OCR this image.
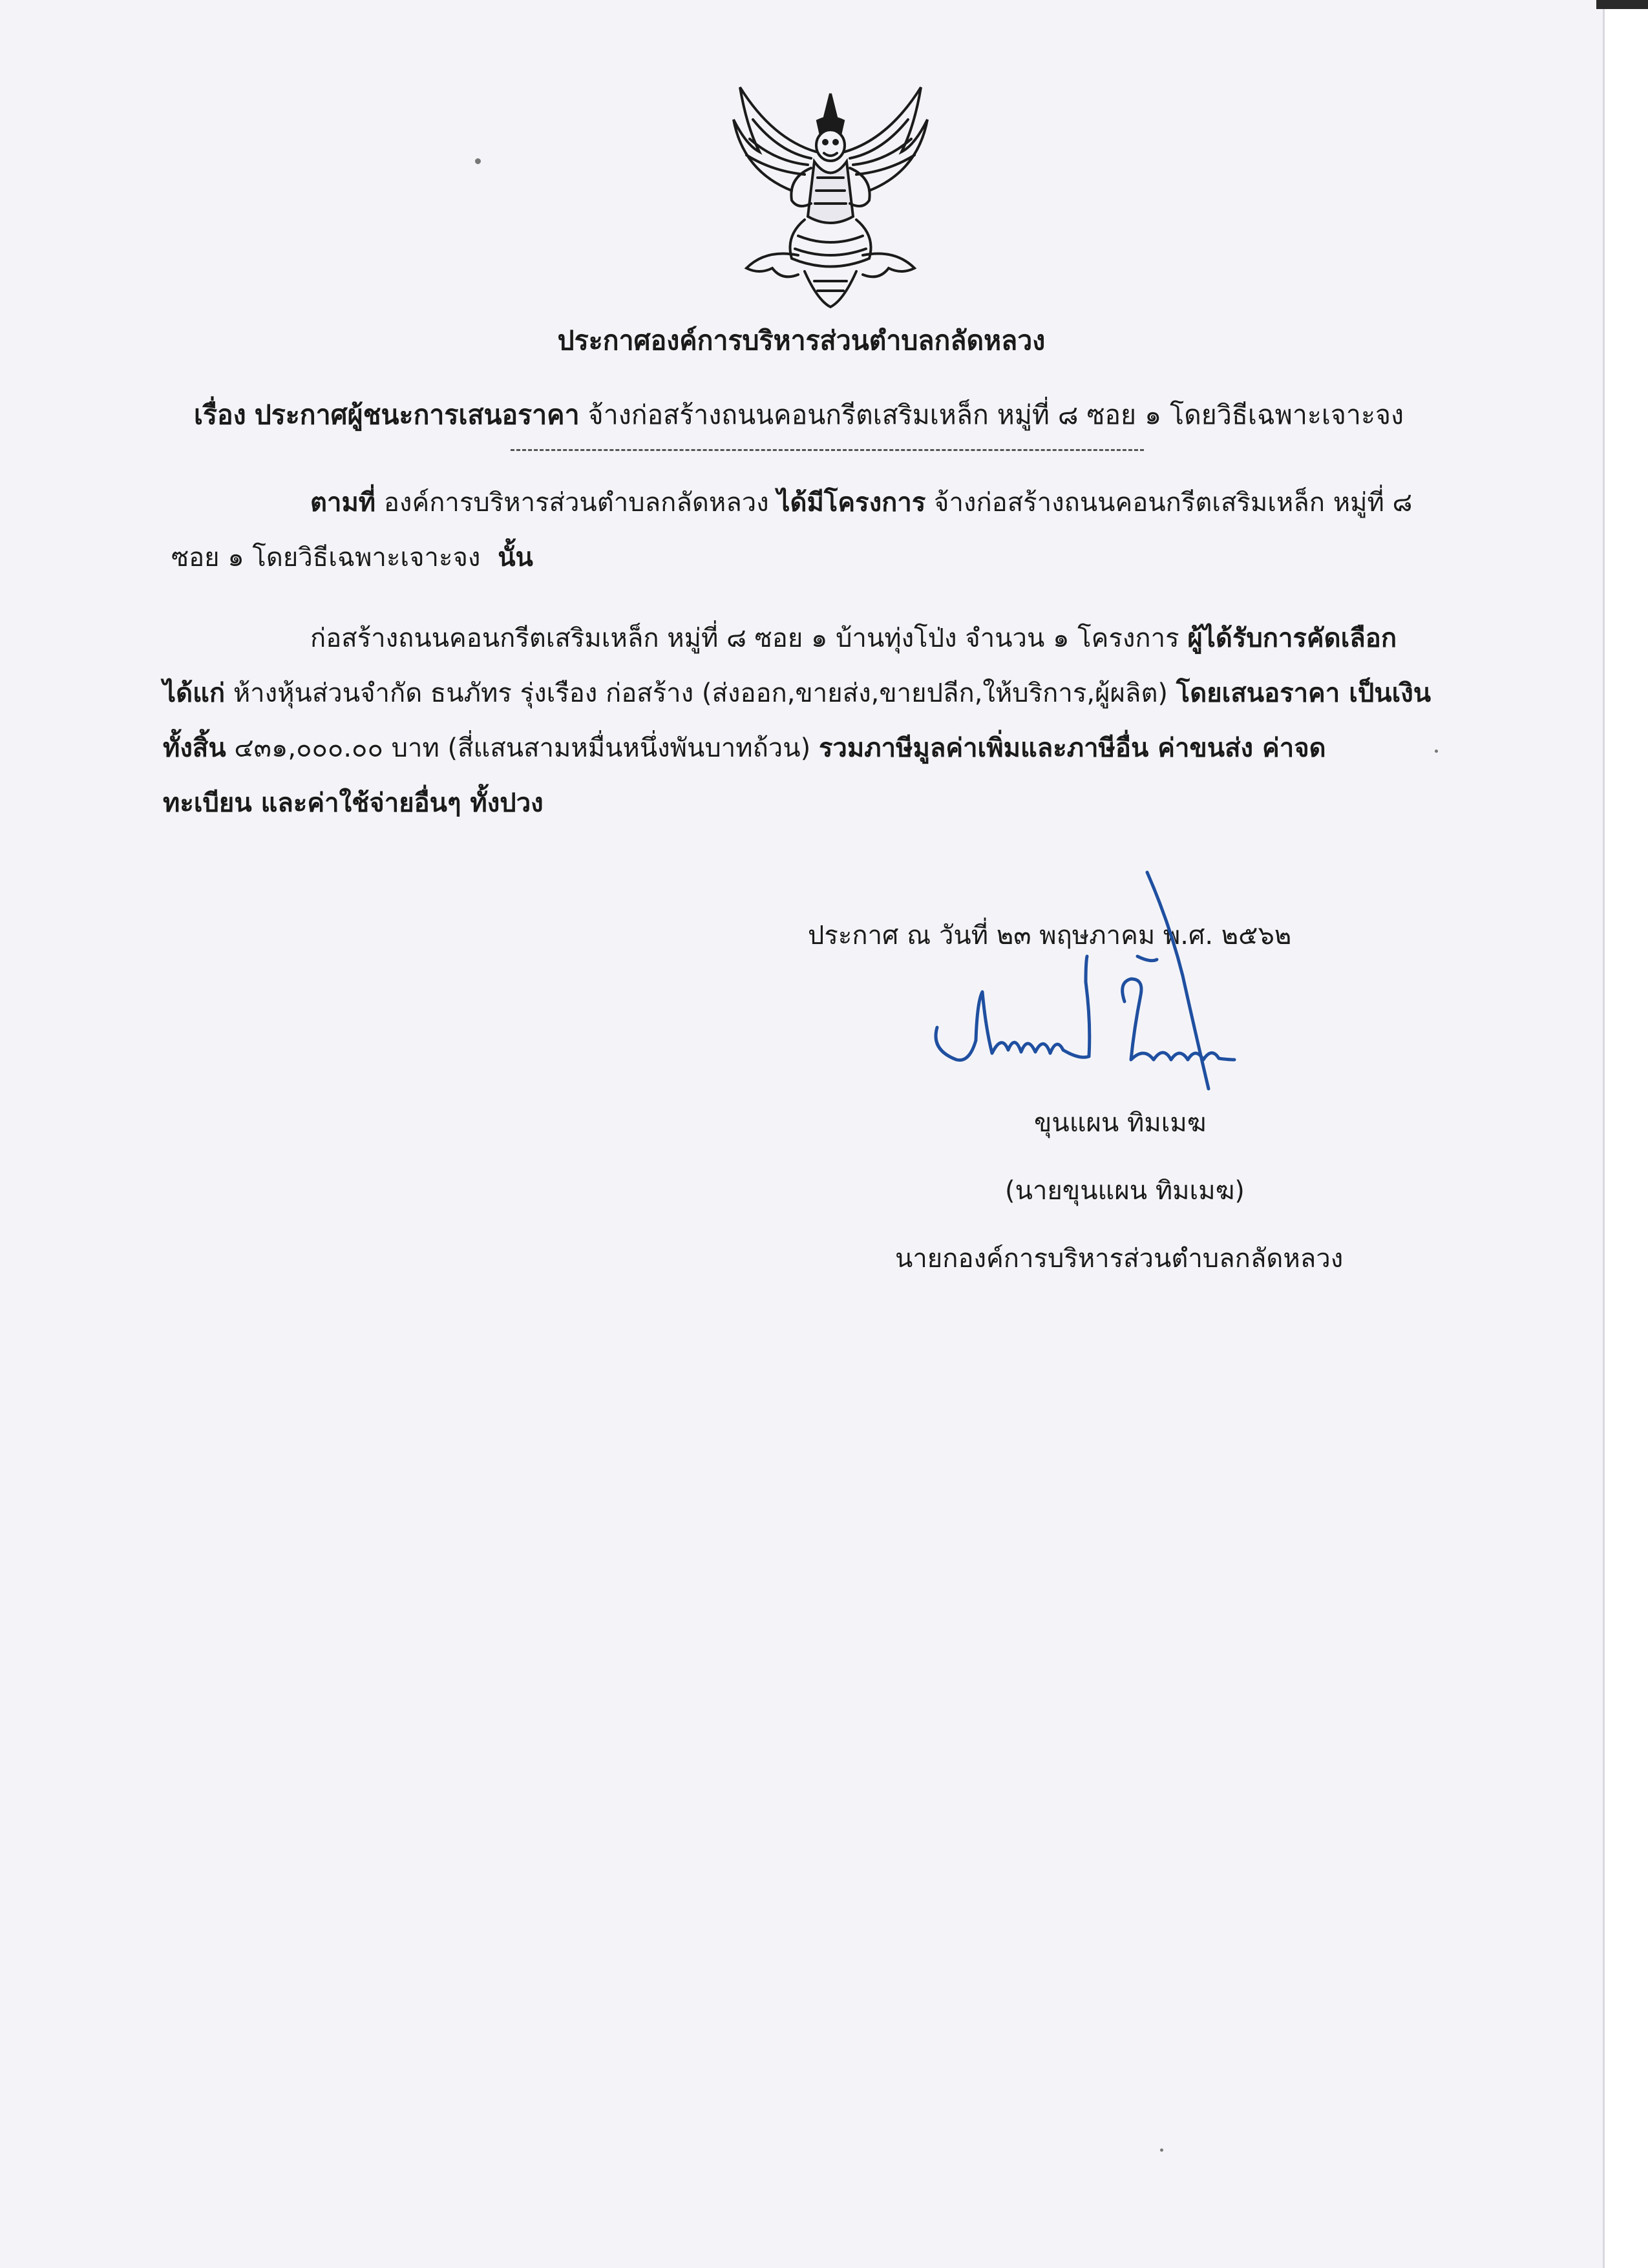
ประกาศองค์การบริหารส่วนตำบลกลัดหลวง
เรื่อง ประกาศผู้ชนะการเสนอราคา จ้างก่อสร้างถนนคอนกรีตเสริมเหล็ก หมู่ที่ ๘ ซอย ๑ โดยวิธีเฉพาะเจาะจง
ตามที่ องค์การบริหารส่วนตำบลกลัดหลวง ได้มีโครงการ จ้างก่อสร้างถนนคอนกรีตเสริมเหล็ก หมู่ที่ ๘
ซอย ๑ โดยวิธีเฉพาะเจาะจง นั้น
ก่อสร้างถนนคอนกรีตเสริมเหล็ก หมู่ที่ ๘ ซอย ๑ บ้านทุ่งโป่ง จำนวน ๑ โครงการ ผู้ได้รับการคัดเลือก
ได้แก่ ห้างหุ้นส่วนจำกัด ธนภัทร รุ่งเรือง ก่อสร้าง (ส่งออก,ขายส่ง,ขายปลีก,ให้บริการ,ผู้ผลิต) โดยเสนอราคา เป็นเงิน
ทั้งสิ้น ๔๓๑,๐๐๐.๐๐ บาท (สี่แสนสามหมื่นหนึ่งพันบาทถ้วน) รวมภาษีมูลค่าเพิ่มและภาษีอื่น ค่าขนส่ง ค่าจด
ทะเบียน และค่าใช้จ่ายอื่นๆ ทั้งปวง
ประกาศ ณ วันที่ ๒๓ พฤษภาคม พ.ศ. ๒๕๖๒
ขุนแผน ทิมเมฆ
(นายขุนแผน ทิมเมฆ)
นายกองค์การบริหารส่วนตำบลกลัดหลวง
